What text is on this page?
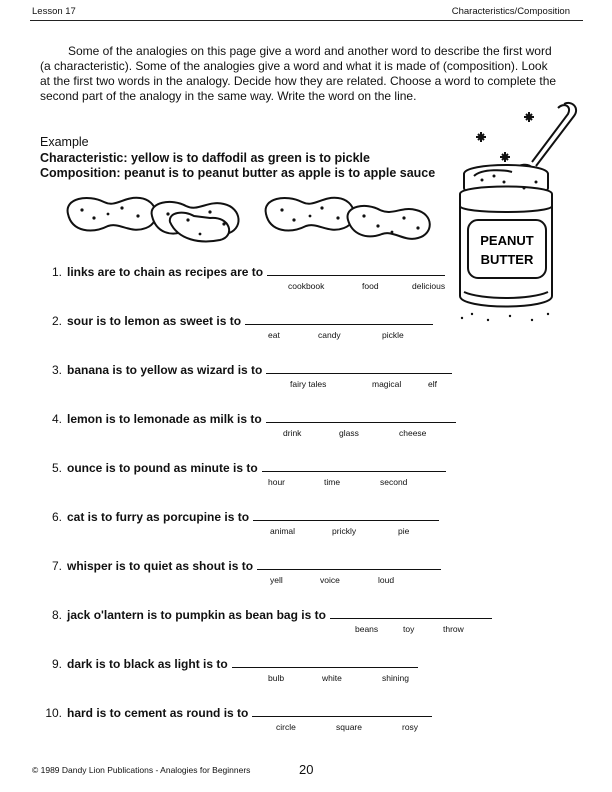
Lesson 17	Characteristics/Composition

Some of the analogies on this page give a word and another word to describe the first word (a characteristic). Some of the analogies give a word and what it is made of (composition). Look at the first two words in the analogy. Decide how they are related. Choose a word to complete the second part of the analogy in the same way. Write the word on the line.

Example
Characteristic: yellow is to daffodil as green is to pickle
Composition: peanut is to peanut butter as apple is to apple sauce
PEANUT
BUTTER
1. links are to chain as recipes are to
cookbook	food	delicious
2. sour is to lemon as sweet is to
eat	candy	pickle
3. banana is to yellow as wizard is to
fairy tales	magical	elf
4. lemon is to lemonade as milk is to
drink	glass	cheese
5. ounce is to pound as minute is to
hour	time	second
6. cat is to furry as porcupine is to
animal	prickly	pie
7. whisper is to quiet as shout is to
yell	voice	loud
8. jack o'lantern is to pumpkin as bean bag is to
beans	toy	throw
9. dark is to black as light is to
bulb	white	shining
10. hard is to cement as round is to
circle	square	rosy
© 1989 Dandy Lion Publications - Analogies for Beginners	20
